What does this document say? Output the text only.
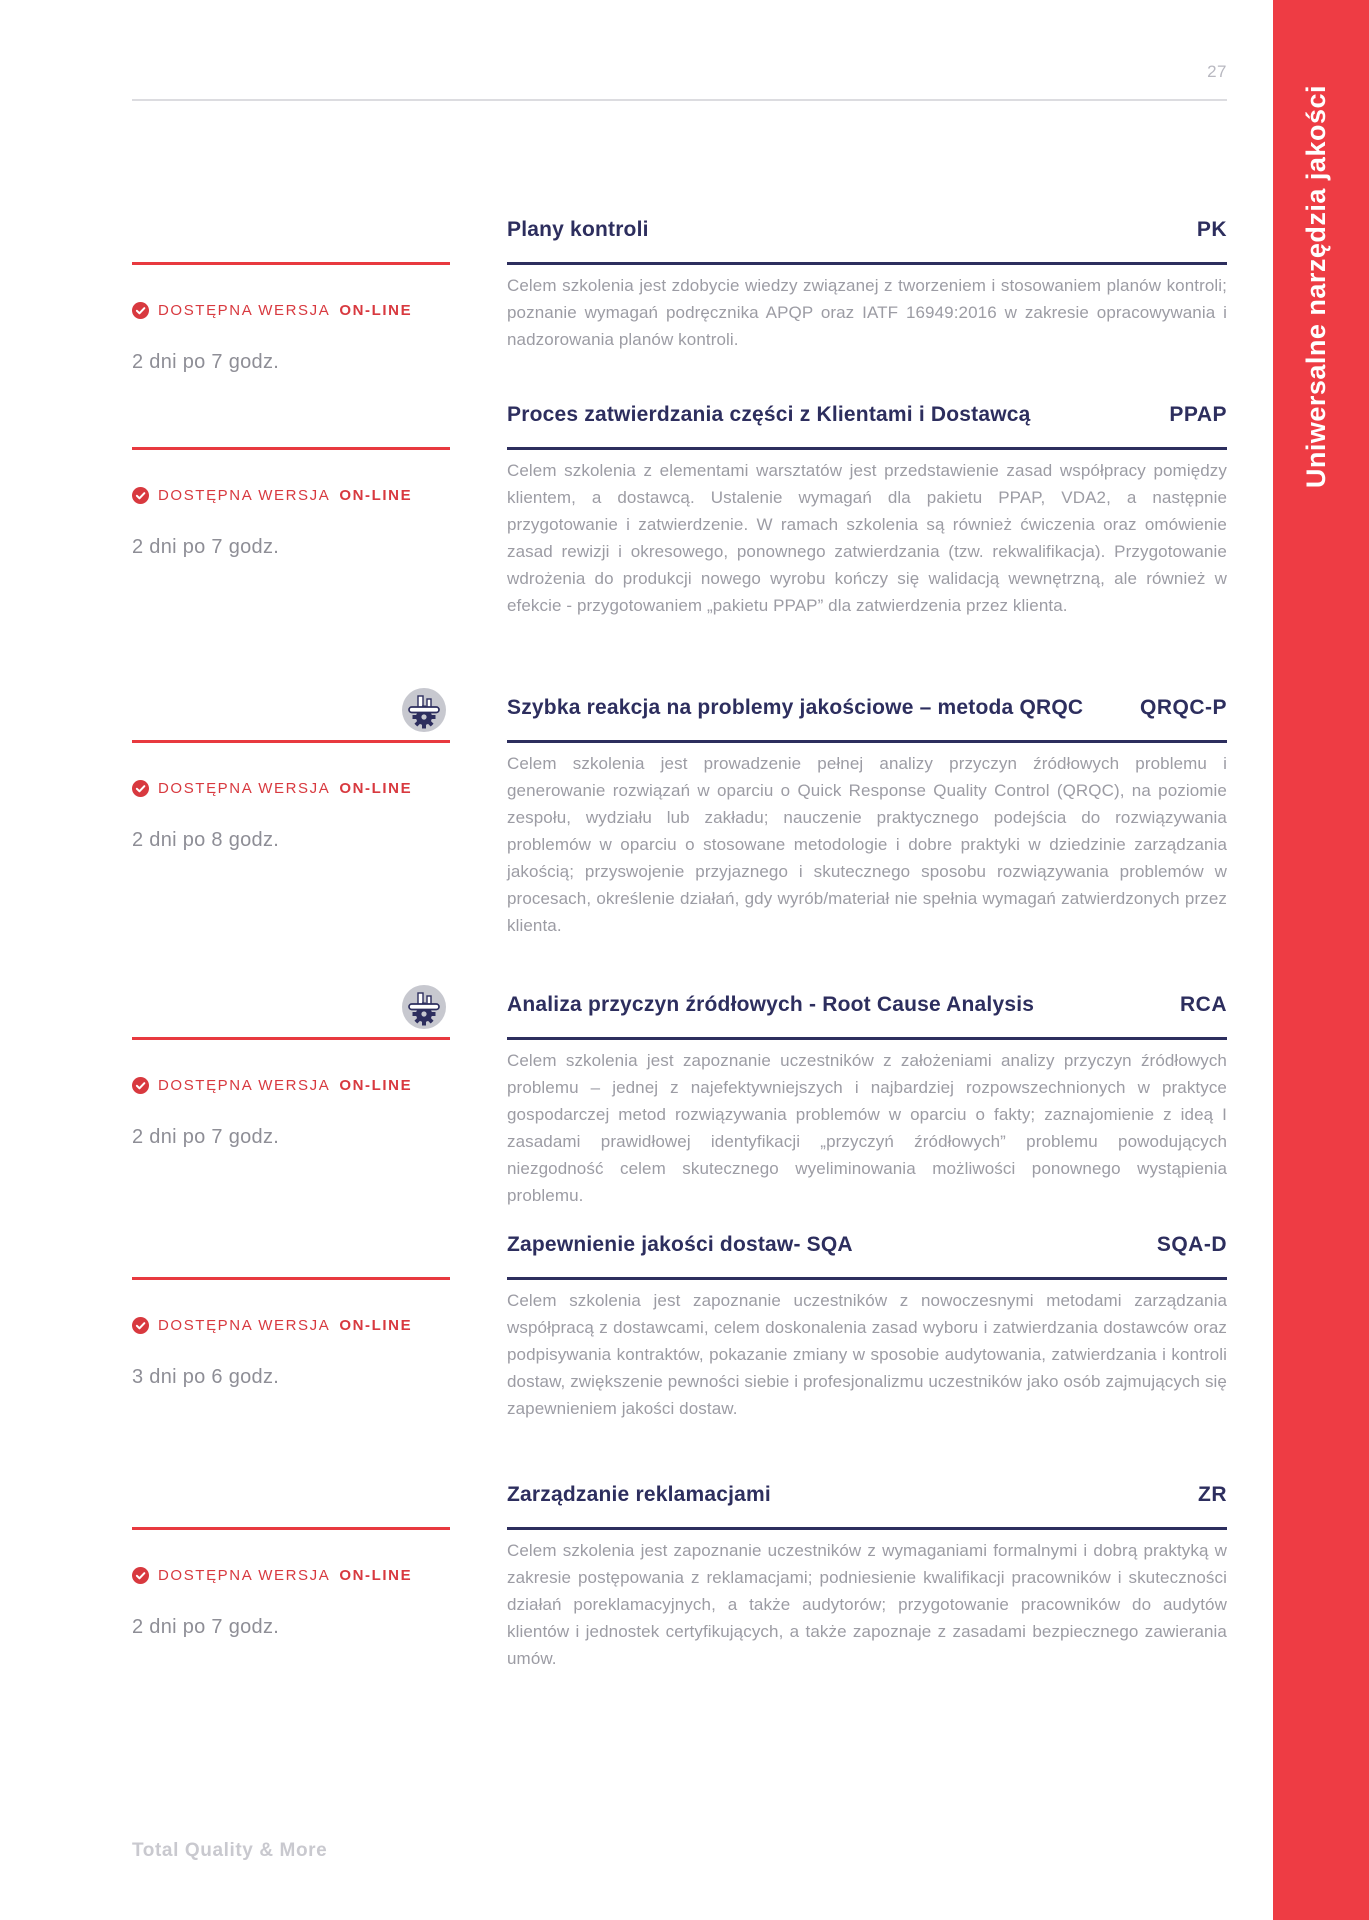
27
Uniwersalne narzędzia jakości
Plany kontroli	PK

Celem szkolenia jest zdobycie wiedzy związanej z tworzeniem i stosowaniem planów kontroli; poznanie wymagań podręcznika APQP oraz IATF 16949:2016 w zakresie opracowywania i nadzorowania planów kontroli.

DOSTĘPNA WERSJA ON-LINE
2 dni po 7 godz.
Proces zatwierdzania części z Klientami i Dostawcą	PPAP

Celem szkolenia z elementami warsztatów jest przedstawienie zasad współpracy pomiędzy klientem, a dostawcą. Ustalenie wymagań dla pakietu PPAP, VDA2, a następnie przygotowanie i zatwierdzenie. W ramach szkolenia są również ćwiczenia oraz omówienie zasad rewizji i okresowego, ponownego zatwierdzania (tzw. rekwalifikacja). Przygotowanie wdrożenia do produkcji nowego wyrobu kończy się walidacją wewnętrzną, ale również w efekcie - przygotowaniem „pakietu PPAP” dla zatwierdzenia przez klienta.

DOSTĘPNA WERSJA ON-LINE
2 dni po 7 godz.
Szybka reakcja na problemy jakościowe – metoda QRQC	QRQC-P

Celem szkolenia jest prowadzenie pełnej analizy przyczyn źródłowych problemu i generowanie rozwiązań w oparciu o Quick Response Quality Control (QRQC), na poziomie zespołu, wydziału lub zakładu; nauczenie praktycznego podejścia do rozwiązywania problemów w oparciu o stosowane metodologie i dobre praktyki w dziedzinie zarządzania jakością; przyswojenie przyjaznego i skutecznego sposobu rozwiązywania problemów w procesach, określenie działań, gdy wyrób/materiał nie spełnia wymagań zatwierdzonych przez klienta.

DOSTĘPNA WERSJA ON-LINE
2 dni po 8 godz.
Analiza przyczyn źródłowych - Root Cause Analysis	RCA

Celem szkolenia jest zapoznanie uczestników z założeniami analizy przyczyn źródłowych problemu – jednej z najefektywniejszych i najbardziej rozpowszechnionych w praktyce gospodarczej metod rozwiązywania problemów w oparciu o fakty; zaznajomienie z ideą I zasadami prawidłowej identyfikacji „przyczyń źródłowych” problemu powodujących niezgodność celem skutecznego wyeliminowania możliwości ponownego wystąpienia problemu.

DOSTĘPNA WERSJA ON-LINE
2 dni po 7 godz.
Zapewnienie jakości dostaw- SQA	SQA-D

Celem szkolenia jest zapoznanie uczestników z nowoczesnymi metodami zarządzania współpracą z dostawcami, celem doskonalenia zasad wyboru i zatwierdzania dostawców oraz podpisywania kontraktów, pokazanie zmiany w sposobie audytowania, zatwierdzania i kontroli dostaw, zwiększenie pewności siebie i profesjonalizmu uczestników jako osób zajmujących się zapewnieniem jakości dostaw.

DOSTĘPNA WERSJA ON-LINE
3 dni po 6 godz.
Zarządzanie reklamacjami	ZR

Celem szkolenia jest zapoznanie uczestników z wymaganiami formalnymi i dobrą praktyką w zakresie postępowania z reklamacjami; podniesienie kwalifikacji pracowników i skuteczności działań poreklamacyjnych, a także audytorów; przygotowanie pracowników do audytów klientów i jednostek certyfikujących, a także zapoznaje z zasadami bezpiecznego zawierania umów.

DOSTĘPNA WERSJA ON-LINE
2 dni po 7 godz.
Total Quality & More
